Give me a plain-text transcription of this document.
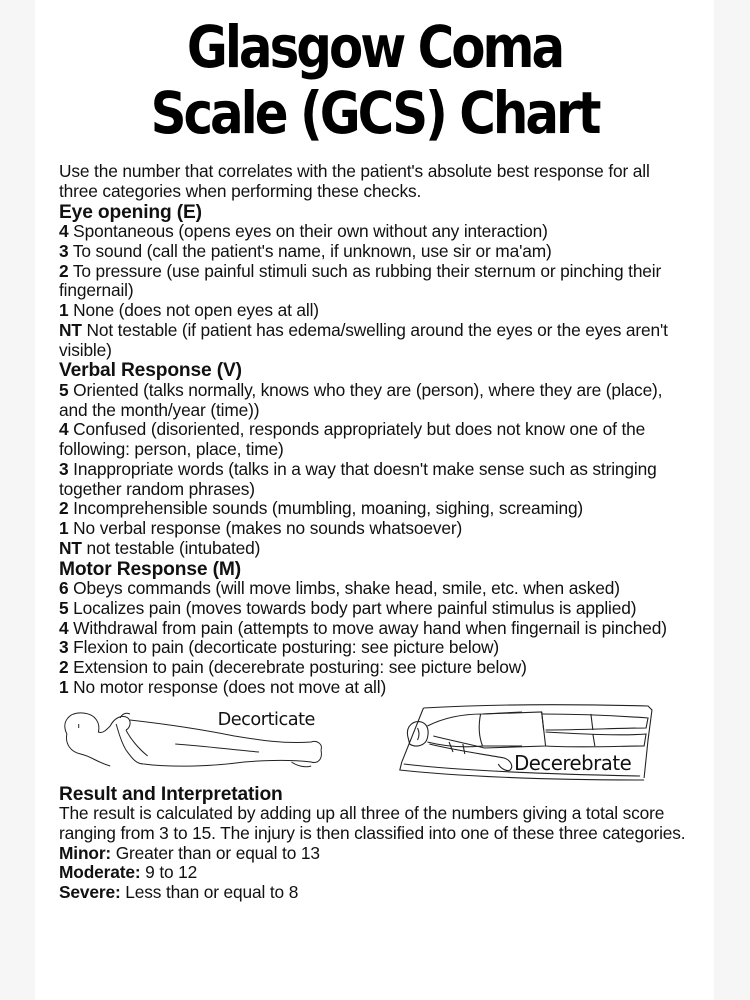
Glasgow Coma
Scale (GCS) Chart

Use the number that correlates with the patient's absolute best response for all three categories when performing these checks.

Eye opening (E)

4 Spontaneous (opens eyes on their own without any interaction)

3 To sound (call the patient's name, if unknown, use sir or ma'am)

2 To pressure (use painful stimuli such as rubbing their sternum or pinching their fingernail)

1 None (does not open eyes at all)

NT Not testable (if patient has edema/swelling around the eyes or the eyes aren't visible)

Verbal Response (V)

5 Oriented (talks normally, knows who they are (person), where they are (place), and the month/year (time))

4 Confused (disoriented, responds appropriately but does not know one of the following: person, place, time)

3 Inappropriate words (talks in a way that doesn't make sense such as stringing together random phrases)

2 Incomprehensible sounds (mumbling, moaning, sighing, screaming)

1 No verbal response (makes no sounds whatsoever)

NT not testable (intubated)

Motor Response (M)

6 Obeys commands (will move limbs, shake head, smile, etc. when asked)

5 Localizes pain (moves towards body part where painful stimulus is applied)

4 Withdrawal from pain (attempts to move away hand when fingernail is pinched)

3 Flexion to pain (decorticate posturing: see picture below)

2 Extension to pain (decerebrate posturing: see picture below)

1 No motor response (does not move at all)

Decorticate
Decerebrate
Result and Interpretation

The result is calculated by adding up all three of the numbers giving a total score ranging from 3 to 15. The injury is then classified into one of these three categories.

Minor: Greater than or equal to 13

Moderate: 9 to 12

Severe: Less than or equal to 8
